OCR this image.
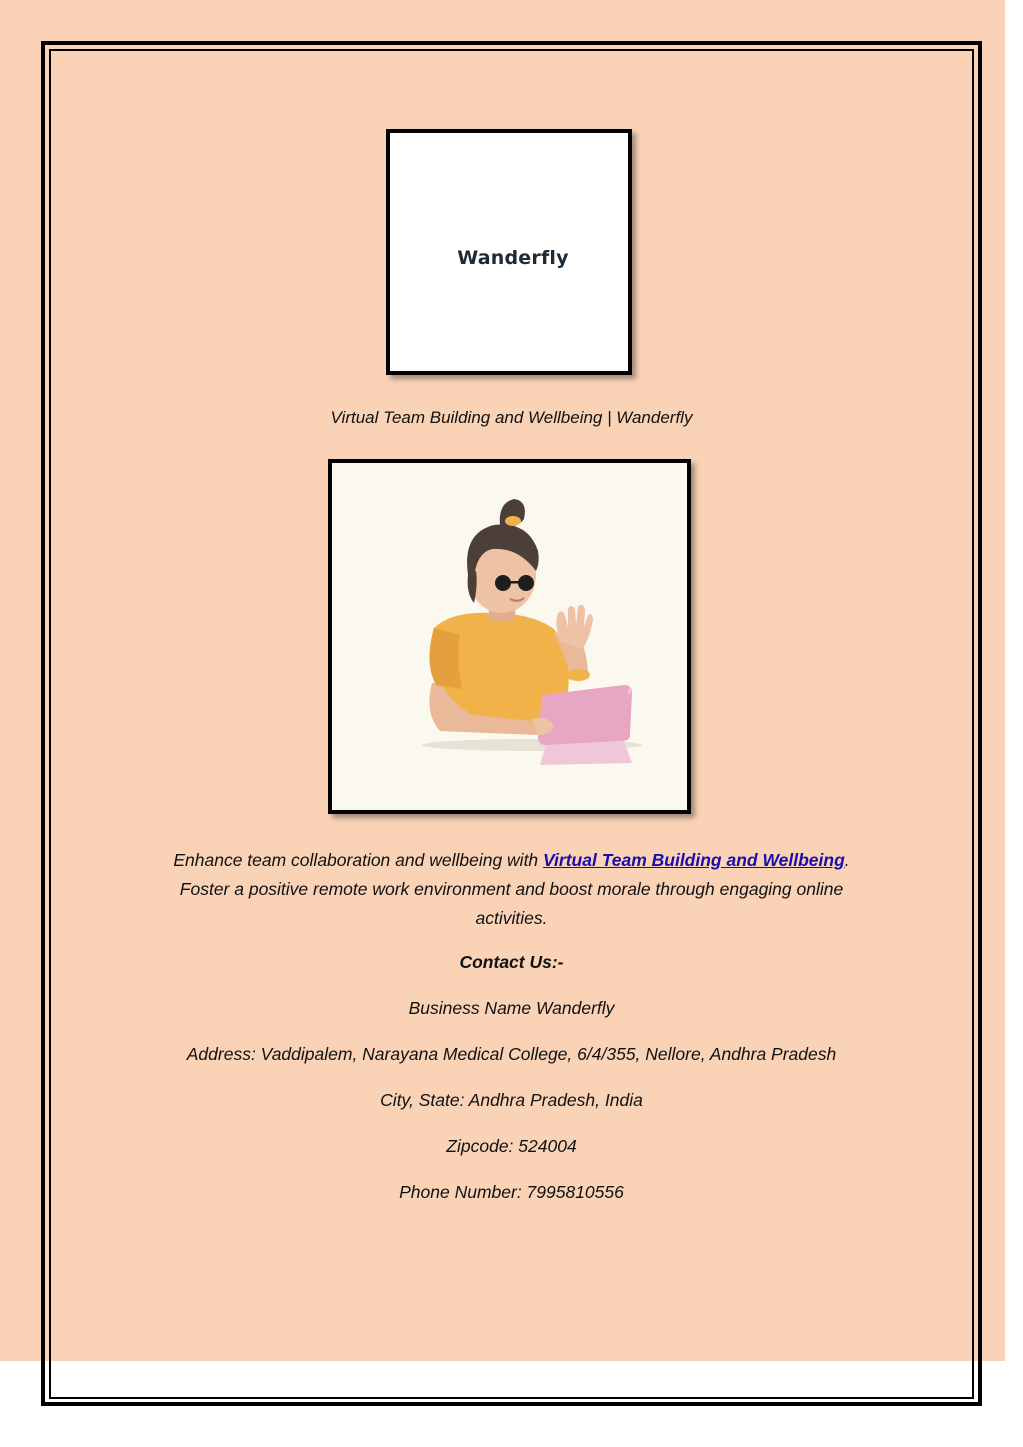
Wanderfly
Virtual Team Building and Wellbeing | Wanderfly
Enhance team collaboration and wellbeing with Virtual Team Building and Wellbeing.
Foster a positive remote work environment and boost morale through engaging online
activities.
Contact Us:-
Business Name Wanderfly
Address: Vaddipalem, Narayana Medical College, 6/4/355, Nellore, Andhra Pradesh
City, State: Andhra Pradesh, India
Zipcode: 524004
Phone Number: 7995810556
